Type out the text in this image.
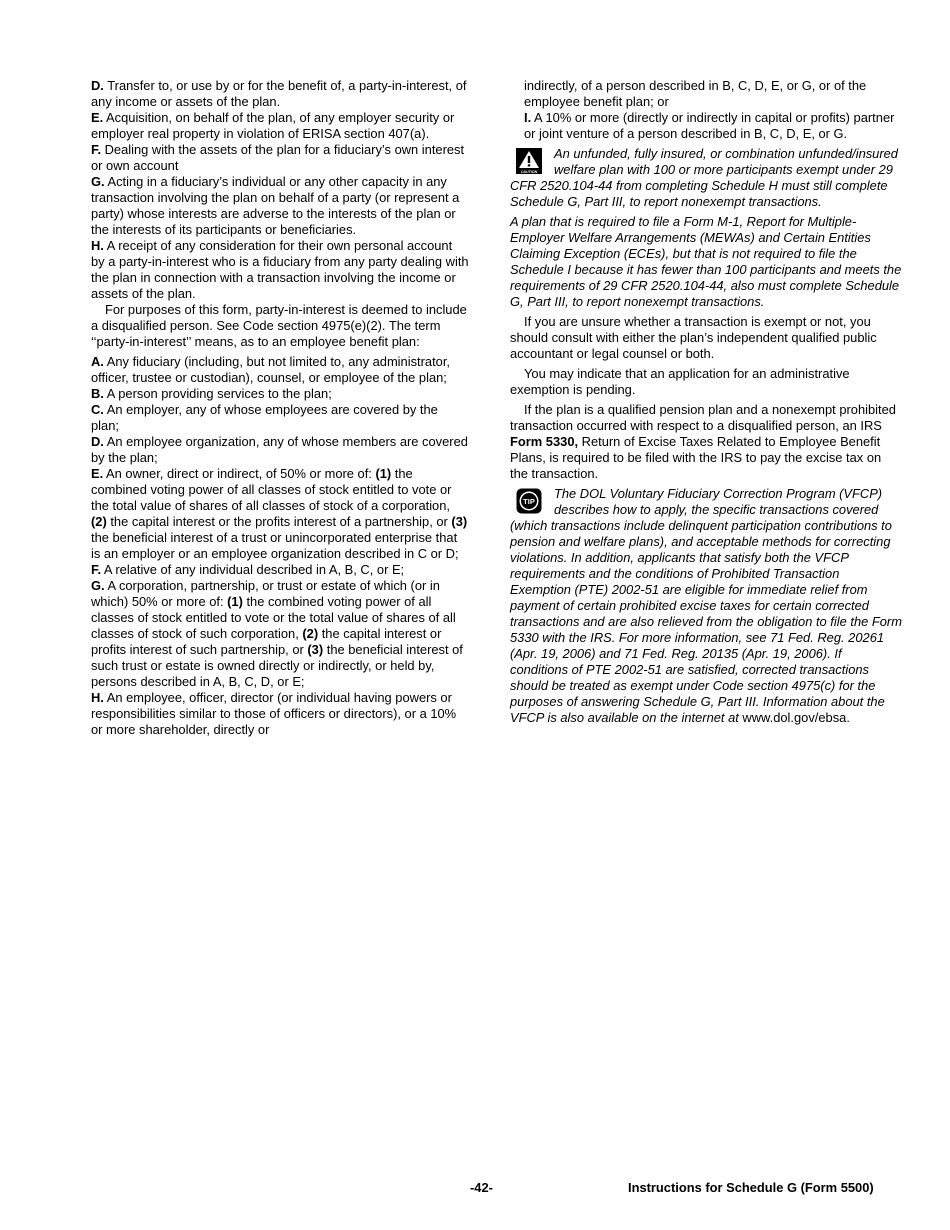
D. Transfer to, or use by or for the benefit of, a party-in-interest, of any income or assets of the plan.

E. Acquisition, on behalf of the plan, of any employer security or employer real property in violation of ERISA section 407(a).

F. Dealing with the assets of the plan for a fiduciary’s own interest or own account

G. Acting in a fiduciary’s individual or any other capacity in any transaction involving the plan on behalf of a party (or represent a party) whose interests are adverse to the interests of the plan or the interests of its participants or beneficiaries.

H. A receipt of any consideration for their own personal account by a party-in-interest who is a fiduciary from any party dealing with the plan in connection with a transaction involving the income or assets of the plan.

For purposes of this form, party-in-interest is deemed to include a disqualified person. See Code section 4975(e)(2). The term ‘‘party-in-interest’’ means, as to an employee benefit plan:

A. Any fiduciary (including, but not limited to, any administrator, officer, trustee or custodian), counsel, or employee of the plan;

B. A person providing services to the plan;

C. An employer, any of whose employees are covered by the plan;

D. An employee organization, any of whose members are covered by the plan;

E. An owner, direct or indirect, of 50% or more of: (1) the combined voting power of all classes of stock entitled to vote or the total value of shares of all classes of stock of a corporation, (2) the capital interest or the profits interest of a partnership, or (3) the beneficial interest of a trust or unincorporated enterprise that is an employer or an employee organization described in C or D;

F. A relative of any individual described in A, B, C, or E;

G. A corporation, partnership, or trust or estate of which (or in which) 50% or more of: (1) the combined voting power of all classes of stock entitled to vote or the total value of shares of all classes of stock of such corporation, (2) the capital interest or profits interest of such partnership, or (3) the beneficial interest of such trust or estate is owned directly or indirectly, or held by, persons described in A, B, C, D, or E;

H. An employee, officer, director (or individual having powers or responsibilities similar to those of officers or directors), or a 10% or more shareholder, directly or

indirectly, of a person described in B, C, D, E, or G, or of the employee benefit plan; or

I. A 10% or more (directly or indirectly in capital or profits) partner or joint venture of a person described in B, C, D, E, or G.

CAUTION
An unfunded, fully insured, or combination unfunded/insured welfare plan with 100 or more participants exempt under 29 CFR 2520.104-44 from completing Schedule H must still complete Schedule G, Part III, to report nonexempt transactions.

A plan that is required to file a Form M-1, Report for Multiple-Employer Welfare Arrangements (MEWAs) and Certain Entities Claiming Exception (ECEs), but that is not required to file the Schedule I because it has fewer than 100 participants and meets the requirements of 29 CFR 2520.104-44, also must complete Schedule G, Part III, to report nonexempt transactions.

If you are unsure whether a transaction is exempt or not, you should consult with either the plan’s independent qualified public accountant or legal counsel or both.

You may indicate that an application for an administrative exemption is pending.

If the plan is a qualified pension plan and a nonexempt prohibited transaction occurred with respect to a disqualified person, an IRS Form 5330, Return of Excise Taxes Related to Employee Benefit Plans, is required to be filed with the IRS to pay the excise tax on the transaction.

TIP
The DOL Voluntary Fiduciary Correction Program (VFCP) describes how to apply, the specific transactions covered (which transactions include delinquent participation contributions to pension and welfare plans), and acceptable methods for correcting violations. In addition, applicants that satisfy both the VFCP requirements and the conditions of Prohibited Transaction Exemption (PTE) 2002-51 are eligible for immediate relief from payment of certain prohibited excise taxes for certain corrected transactions and are also relieved from the obligation to file the Form 5330 with the IRS. For more information, see 71 Fed. Reg. 20261 (Apr. 19, 2006) and 71 Fed. Reg. 20135 (Apr. 19, 2006). If conditions of PTE 2002-51 are satisfied, corrected transactions should be treated as exempt under Code section 4975(c) for the purposes of answering Schedule G, Part III. Information about the VFCP is also available on the internet at www.dol.gov/ebsa.
-42-	Instructions for Schedule G (Form 5500)
